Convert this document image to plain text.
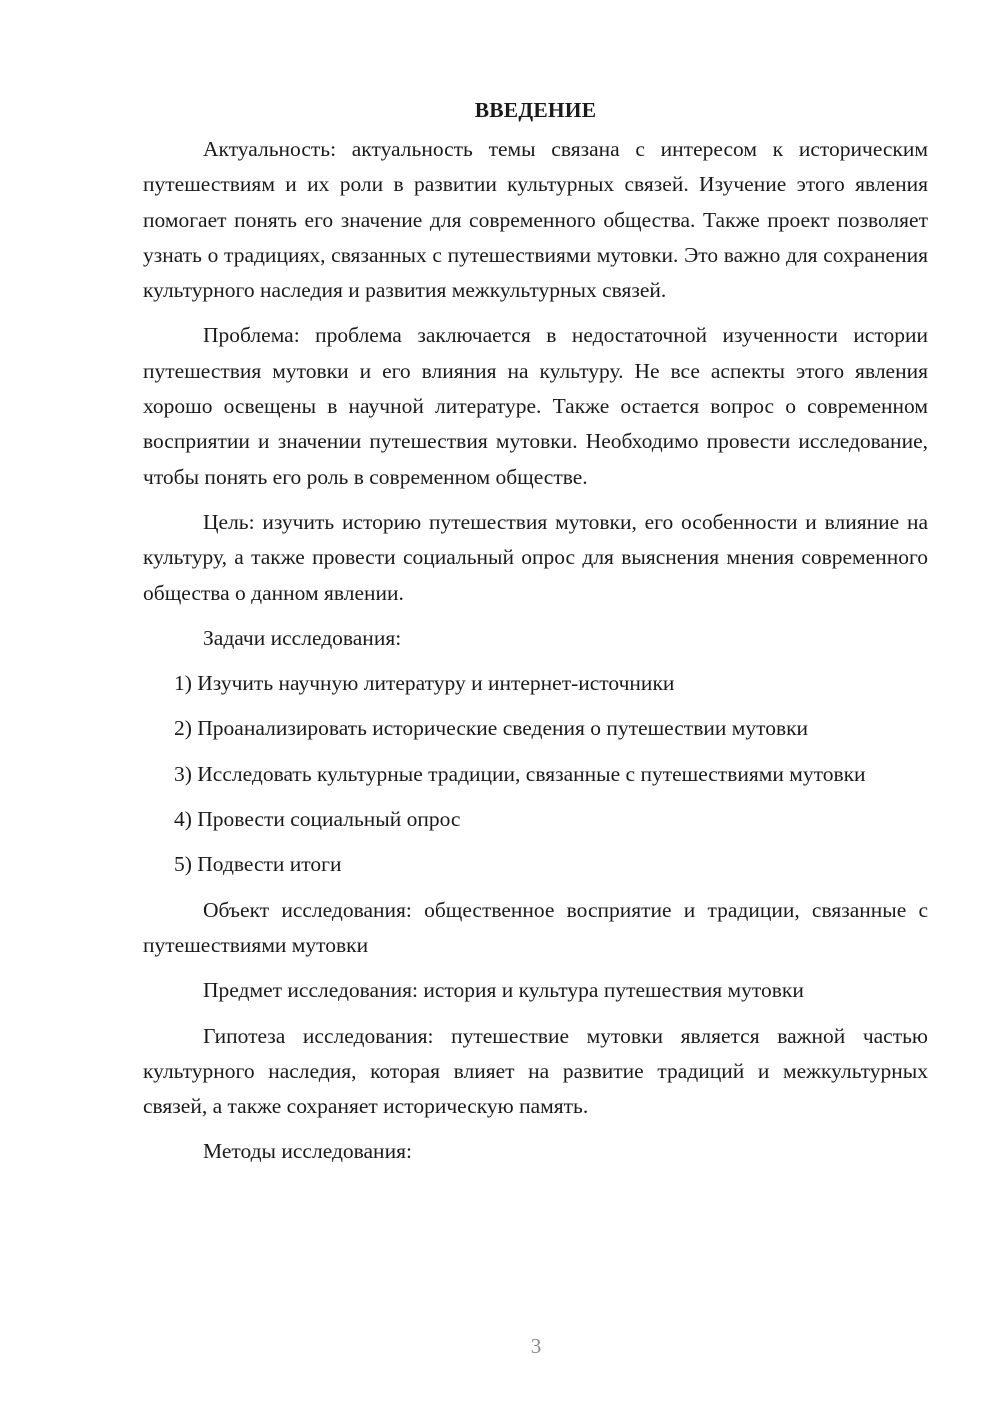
ВВЕДЕНИЕ

Актуальность: актуальность темы связана с интересом к историческим путешествиям и их роли в развитии культурных связей. Изучение этого явления помогает понять его значение для современного общества. Также проект позволяет узнать о традициях, связанных с путешествиями мутовки. Это важно для сохранения культурного наследия и развития межкультурных связей.

Проблема: проблема заключается в недостаточной изученности истории путешествия мутовки и его влияния на культуру. Не все аспекты этого явления хорошо освещены в научной литературе. Также остается вопрос о современном восприятии и значении путешествия мутовки. Необходимо провести исследование, чтобы понять его роль в современном обществе.

Цель: изучить историю путешествия мутовки, его особенности и влияние на культуру, а также провести социальный опрос для выяснения мнения современного общества о данном явлении.

Задачи исследования:

1) Изучить научную литературу и интернет-источники

2) Проанализировать исторические сведения о путешествии мутовки

3) Исследовать культурные традиции, связанные с путешествиями мутовки

4) Провести социальный опрос

5) Подвести итоги

Объект исследования: общественное восприятие и традиции, связанные с путешествиями мутовки

Предмет исследования: история и культура путешествия мутовки

Гипотеза исследования: путешествие мутовки является важной частью культурного наследия, которая влияет на развитие традиций и межкультурных связей, а также сохраняет историческую память.

Методы исследования:

3
